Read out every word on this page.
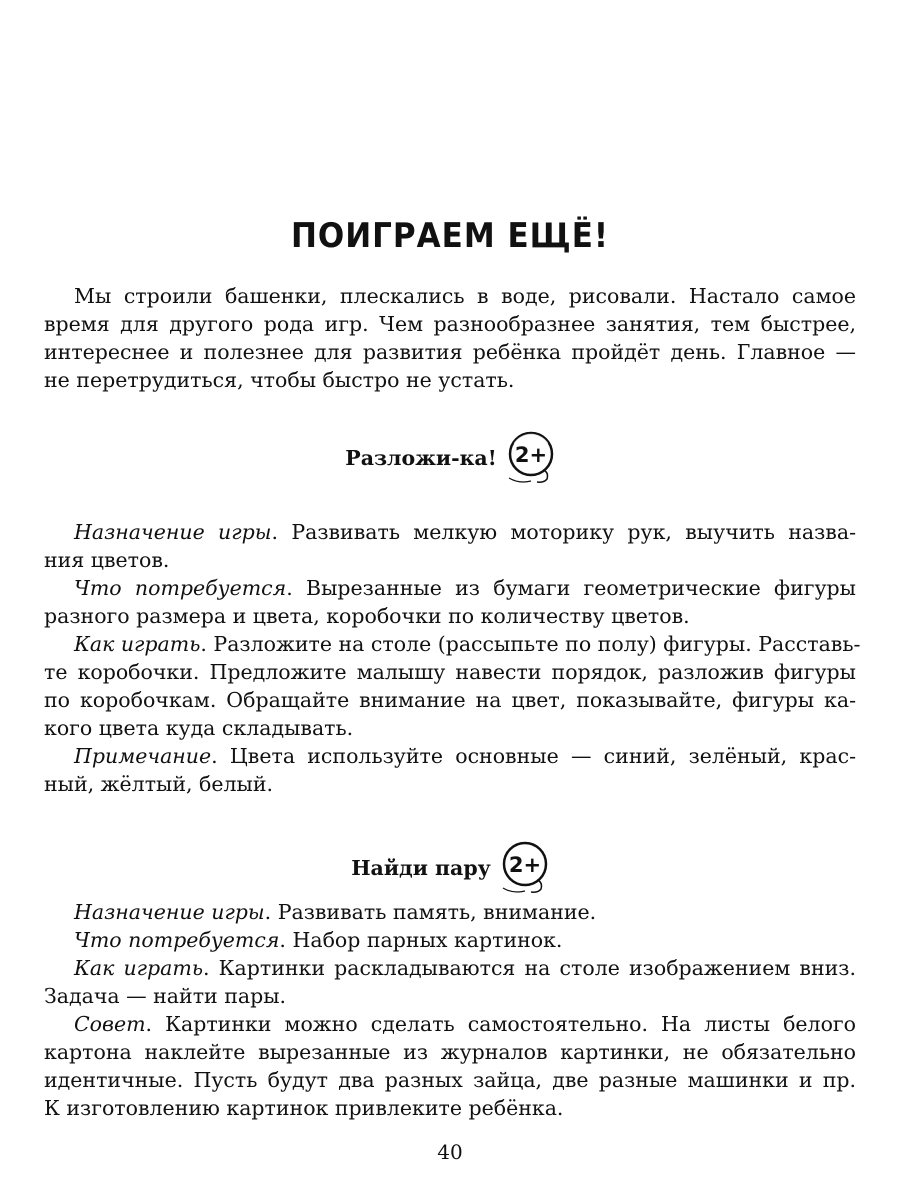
ПОИГРАЕМ ЕЩЁ!
Мы строили башенки, плескались в воде, рисовали. Настало самое
время для другого рода игр. Чем разнообразнее занятия, тем быстрее,
интереснее и полезнее для развития ребёнка пройдёт день. Главное —
не перетрудиться, чтобы быстро не устать.
Разложи-ка! 2+
Назначение игры. Развивать мелкую моторику рук, выучить назва-
ния цветов.
Что потребуется. Вырезанные из бумаги геометрические фигуры
разного размера и цвета, коробочки по количеству цветов.
Как играть. Разложите на столе (рассыпьте по полу) фигуры. Расставь-
те коробочки. Предложите малышу навести порядок, разложив фигуры
по коробочкам. Обращайте внимание на цвет, показывайте, фигуры ка-
кого цвета куда складывать.
Примечание. Цвета используйте основные — синий, зелёный, крас-
ный, жёлтый, белый.
Найди пару 2+
Назначение игры. Развивать память, внимание.
Что потребуется. Набор парных картинок.
Как играть. Картинки раскладываются на столе изображением вниз.
Задача — найти пары.
Совет. Картинки можно сделать самостоятельно. На листы белого
картона наклейте вырезанные из журналов картинки, не обязательно
идентичные. Пусть будут два разных зайца, две разные машинки и пр.
К изготовлению картинок привлеките ребёнка.
40
